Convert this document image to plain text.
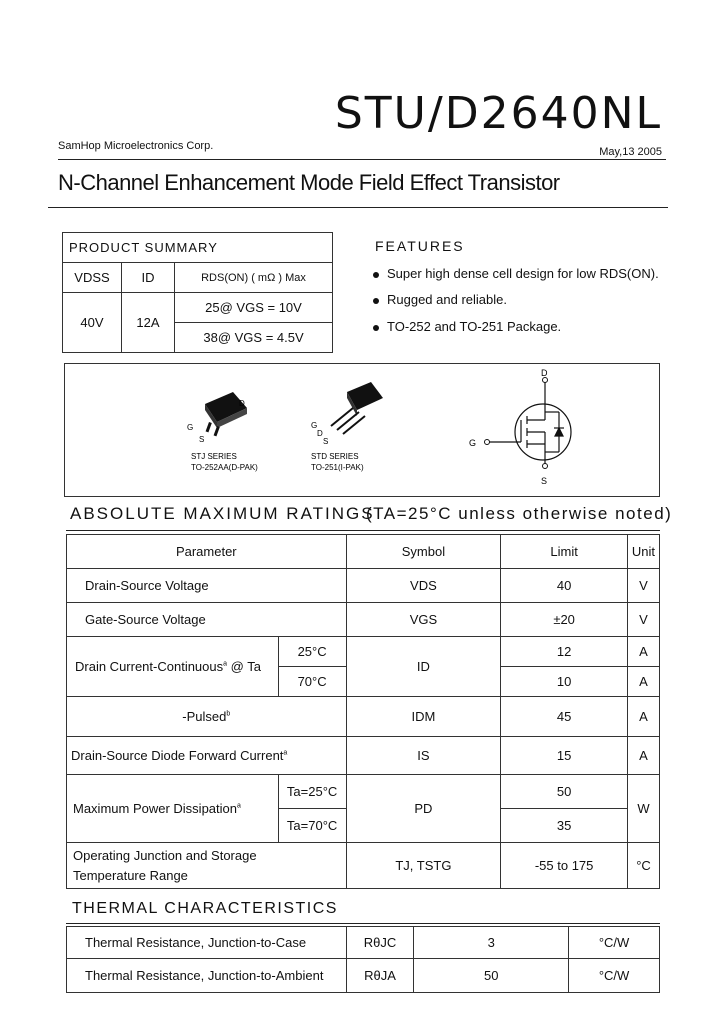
STU/D2640NL
SamHop Microelectronics Corp.	May,13 2005
N-Channel Enhancement Mode Field Effect Transistor
PRODUCT SUMMARY		
VDSS	ID	RDS(ON) ( mΩ ) Max
40V	12A	25@ VGS = 10V
		38@ VGS = 4.5V
FEATURES
Super high dense cell design for low RDS(ON).
Rugged and reliable.
TO-252 and TO-251 Package.
D
G
S
STJ SERIES
TO-252AA(D-PAK)
G
D
S
STD SERIES
TO-251(I-PAK)
D
G
S
ABSOLUTE MAXIMUM RATINGS
(TA=25°C unless otherwise noted)
Parameter		Symbol	Limit	Unit
Drain-Source Voltage		VDS	40	V
Gate-Source Voltage		VGS	±20	V
Drain Current-Continuous$^a$ @ Ta	25°C	ID	12	A
	70°C		10	A
-Pulsed$^b$		IDM	45	A
Drain-Source Diode Forward Current$^a$		IS	15	A
Maximum Power Dissipation$^a$	Ta=25°C	PD	50	W
	Ta=70°C		35	

Operating Junction and Storage
Temperature Range		TJ, TSTG	-55 to 175	°C
THERMAL CHARACTERISTICS
Thermal Resistance, Junction-to-Case	RθJC	3	°C/W
Thermal Resistance, Junction-to-Ambient	RθJA	50	°C/W
